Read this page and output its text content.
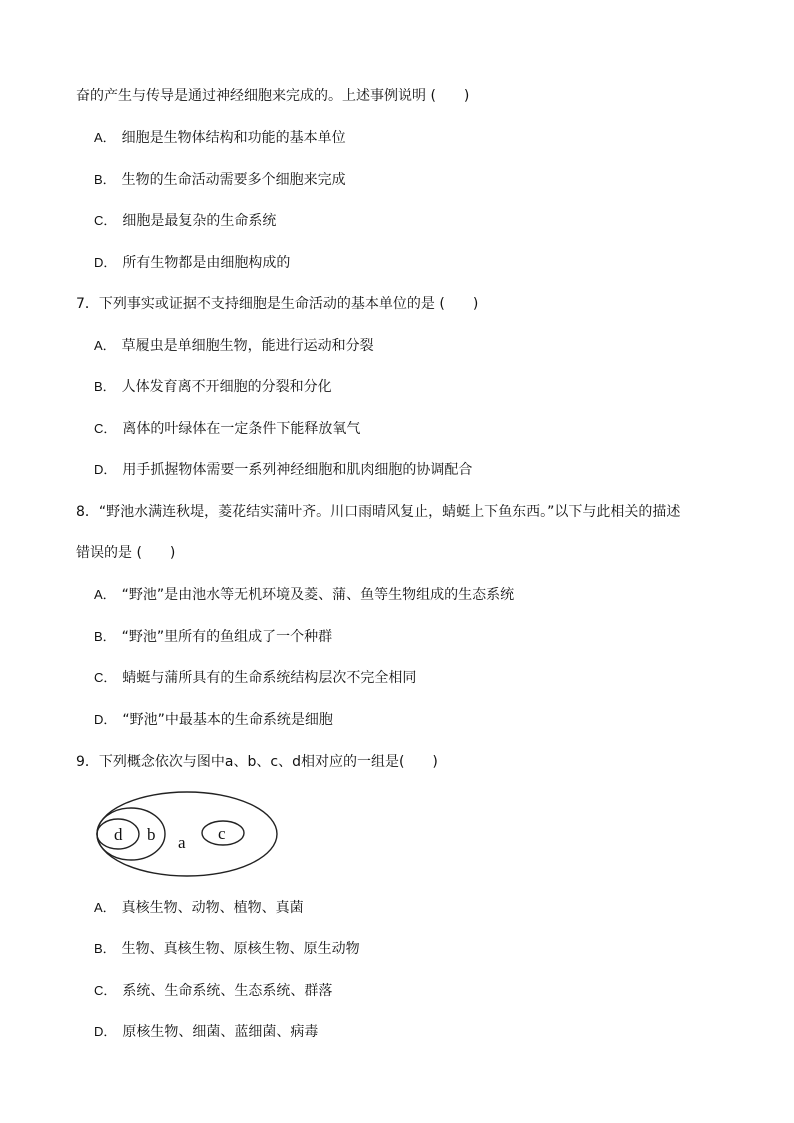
奋的产生与传导是通过神经细胞来完成的。上述事例说明 (　　)
A． 细胞是生物体结构和功能的基本单位
B． 生物的生命活动需要多个细胞来完成
C． 细胞是最复杂的生命系统
D． 所有生物都是由细胞构成的
7．下列事实或证据不支持细胞是生命活动的基本单位的是 (　　)
A． 草履虫是单细胞生物，能进行运动和分裂
B． 人体发育离不开细胞的分裂和分化
C． 离体的叶绿体在一定条件下能释放氧气
D． 用手抓握物体需要一系列神经细胞和肌肉细胞的协调配合
8．“野池水满连秋堤，菱花结实蒲叶齐。川口雨晴风复止，蜻蜓上下鱼东西。”以下与此相关的描述
错误的是 (　　)
A． “野池”是由池水等无机环境及菱、蒲、鱼等生物组成的生态系统
B． “野池”里所有的鱼组成了一个种群
C． 蜻蜓与蒲所具有的生命系统结构层次不完全相同
D． “野池”中最基本的生命系统是细胞
9．下列概念依次与图中a、b、c、d相对应的一组是(　　)
d b a c
A． 真核生物、动物、植物、真菌
B． 生物、真核生物、原核生物、原生动物
C． 系统、生命系统、生态系统、群落
D． 原核生物、细菌、蓝细菌、病毒
